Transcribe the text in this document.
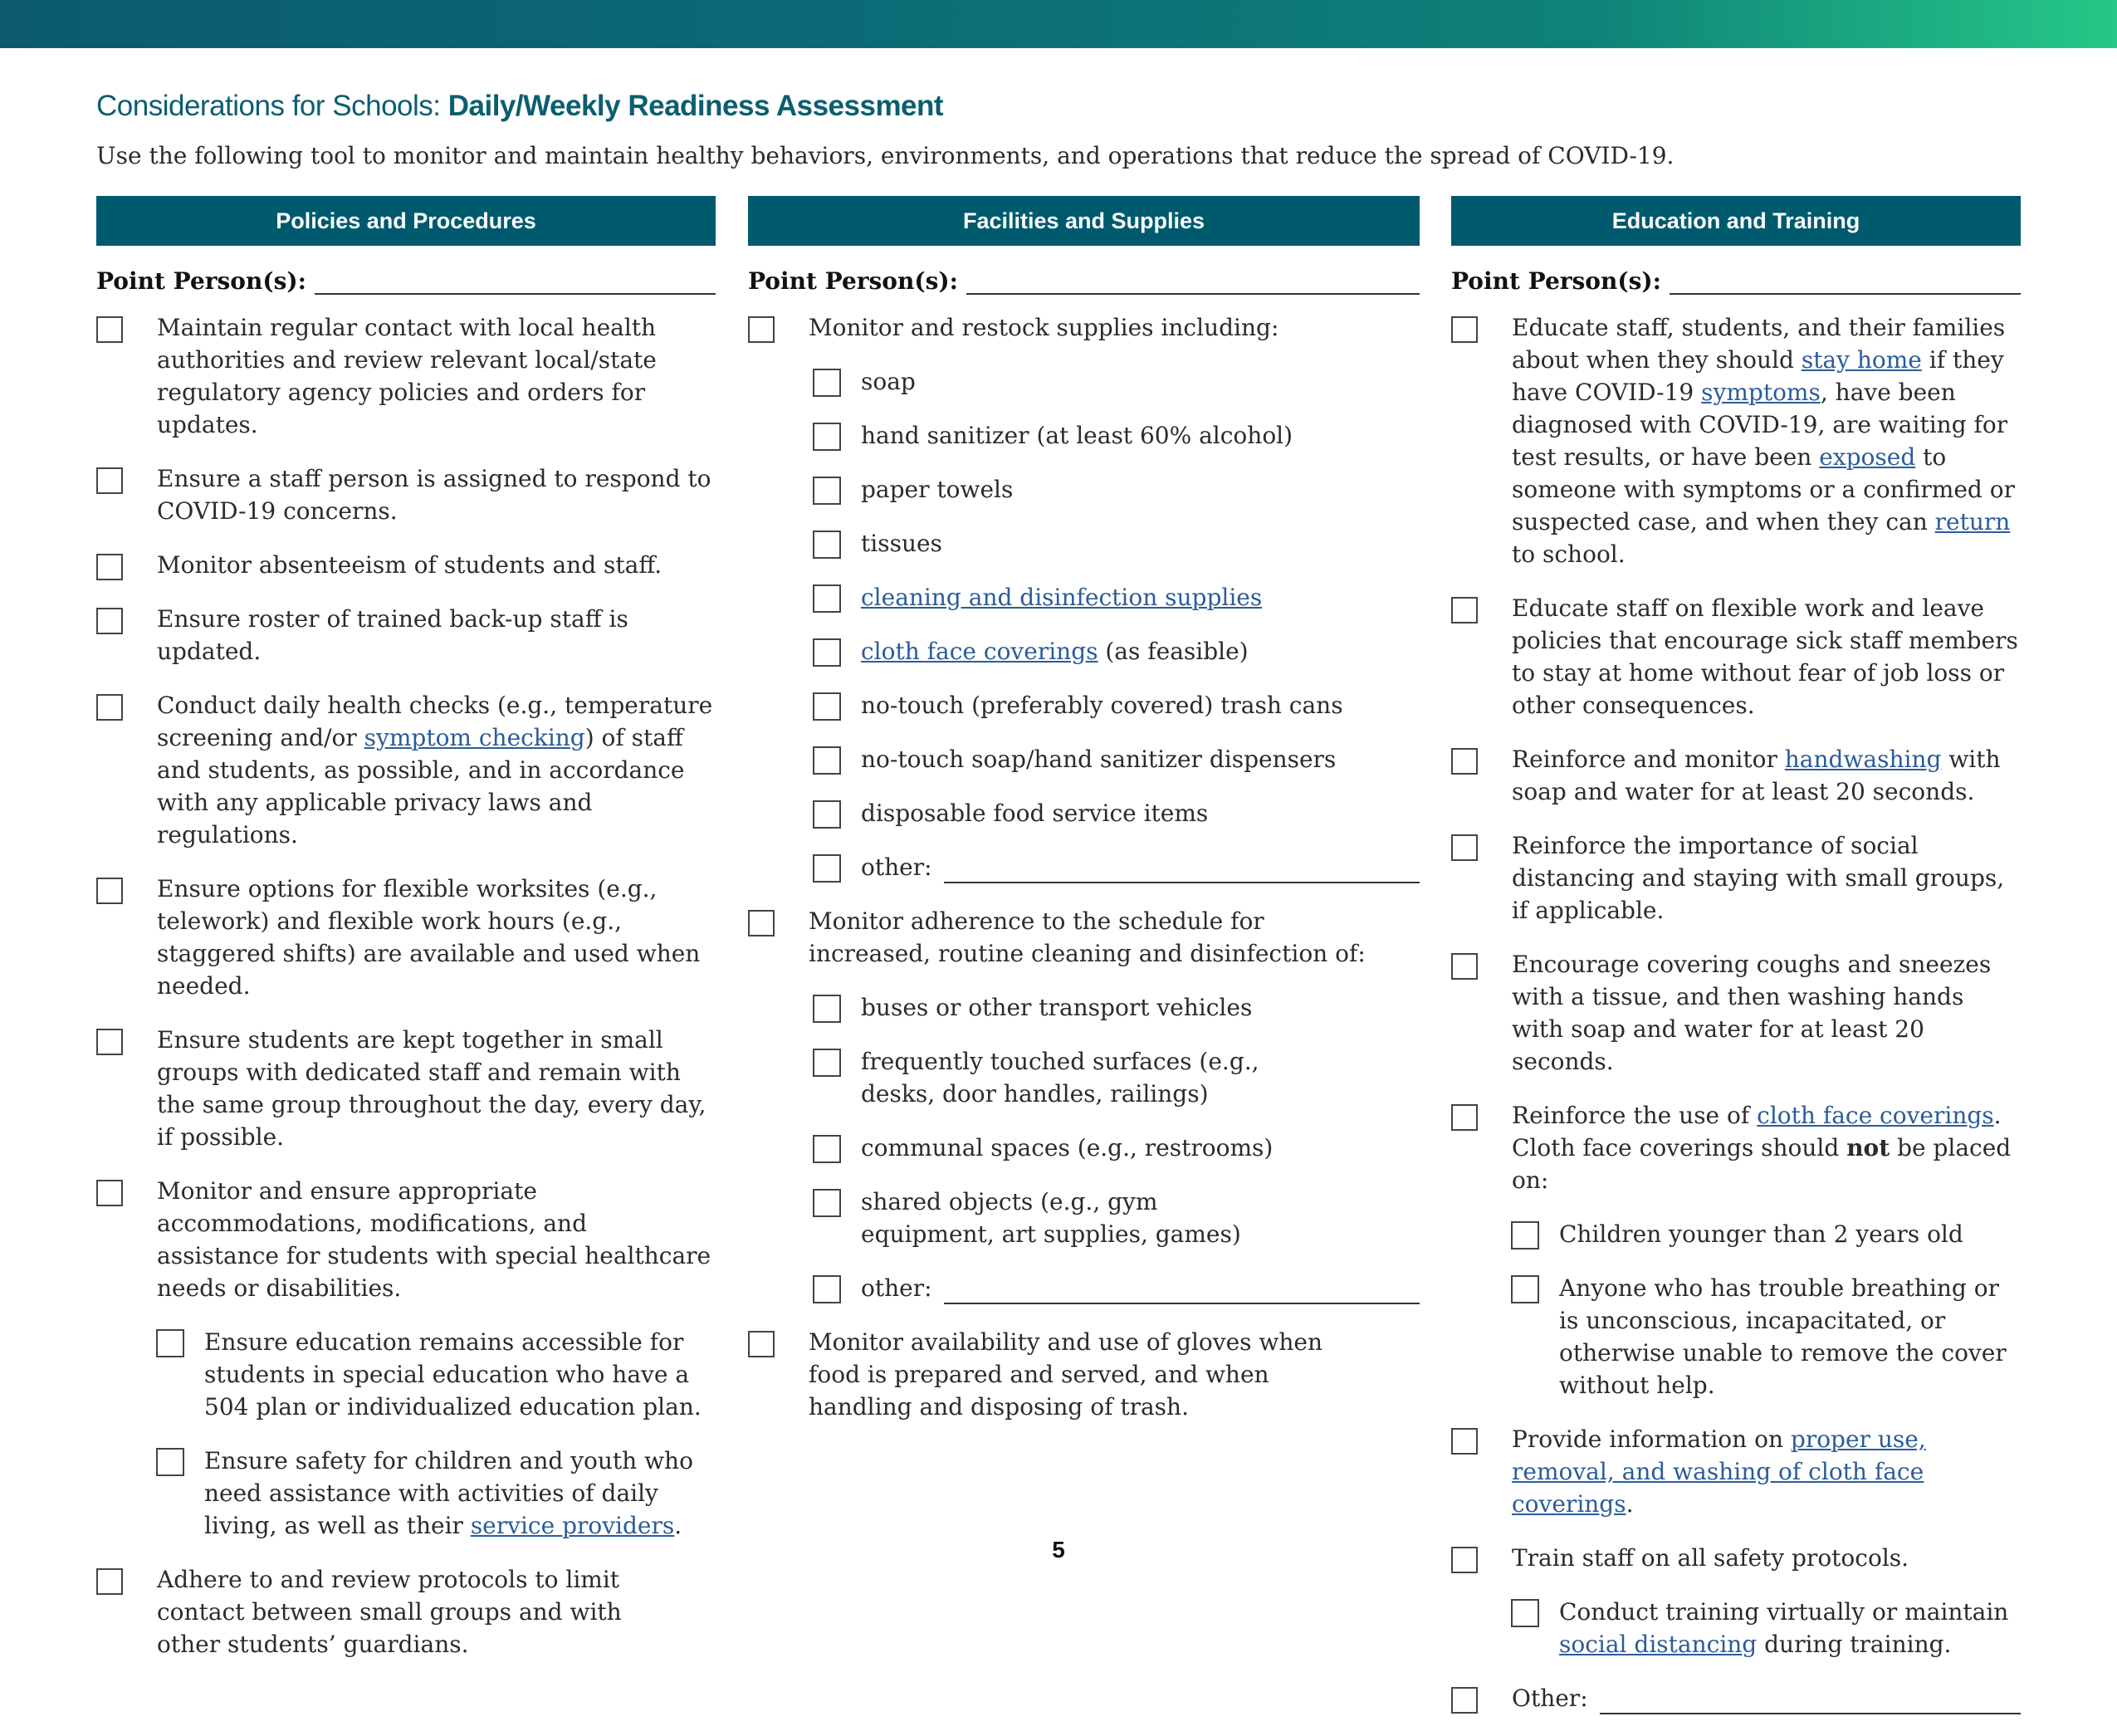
Considerations for Schools: Daily/Weekly Readiness Assessment

Use the following tool to monitor and maintain healthy behaviors, environments, and operations that reduce the spread of COVID-19.

Policies and Procedures
Point Person(s):
Maintain regular contact with local health authorities and review relevant local/state regulatory agency policies and orders for updates.
Ensure a staff person is assigned to respond to COVID-19 concerns.
Monitor absenteeism of students and staff.
Ensure roster of trained back-up staff is updated.
Conduct daily health checks (e.g., temperature screening and/or symptom checking) of staff and students, as possible, and in accordance with any applicable privacy laws and regulations.
Ensure options for flexible worksites (e.g., telework) and flexible work hours (e.g., staggered shifts) are available and used when needed.
Ensure students are kept together in small groups with dedicated staff and remain with the same group throughout the day, every day, if possible.
Monitor and ensure appropriate accommodations, modifications, and assistance for students with special healthcare needs or disabilities.
Ensure education remains accessible for students in special education who have a 504 plan or individualized education plan.
Ensure safety for children and youth who need assistance with activities of daily living, as well as their service providers.
Adhere to and review protocols to limit contact between small groups and with other students’ guardians.
Facilities and Supplies
Point Person(s):
Monitor and restock supplies including:
soap
hand sanitizer (at least 60% alcohol)
paper towels
tissues
cleaning and disinfection supplies
cloth face coverings (as feasible)
no-touch (preferably covered) trash cans
no-touch soap/hand sanitizer dispensers
disposable food service items
other:
Monitor adherence to the schedule for increased, routine cleaning and disinfection of:
buses or other transport vehicles
frequently touched surfaces (e.g., desks, door handles, railings)
communal spaces (e.g., restrooms)
shared objects (e.g., gym equipment, art supplies, games)
other:
Monitor availability and use of gloves when food is prepared and served, and when handling and disposing of trash.
Education and Training
Point Person(s):
Educate staff, students, and their families about when they should stay home if they have COVID-19 symptoms, have been diagnosed with COVID-19, are waiting for test results, or have been exposed to someone with symptoms or a confirmed or suspected case, and when they can return to school.
Educate staff on flexible work and leave policies that encourage sick staff members to stay at home without fear of job loss or other consequences.
Reinforce and monitor handwashing with soap and water for at least 20 seconds.
Reinforce the importance of social distancing and staying with small groups, if applicable.
Encourage covering coughs and sneezes with a tissue, and then washing hands with soap and water for at least 20 seconds.
Reinforce the use of cloth face coverings.
Cloth face coverings should not be placed on:
Children younger than 2 years old
Anyone who has trouble breathing or is unconscious, incapacitated, or otherwise unable to remove the cover without help.
Provide information on proper use, removal, and washing of cloth face coverings.
Train staff on all safety protocols.
Conduct training virtually or maintain social distancing during training.
Other:
5
